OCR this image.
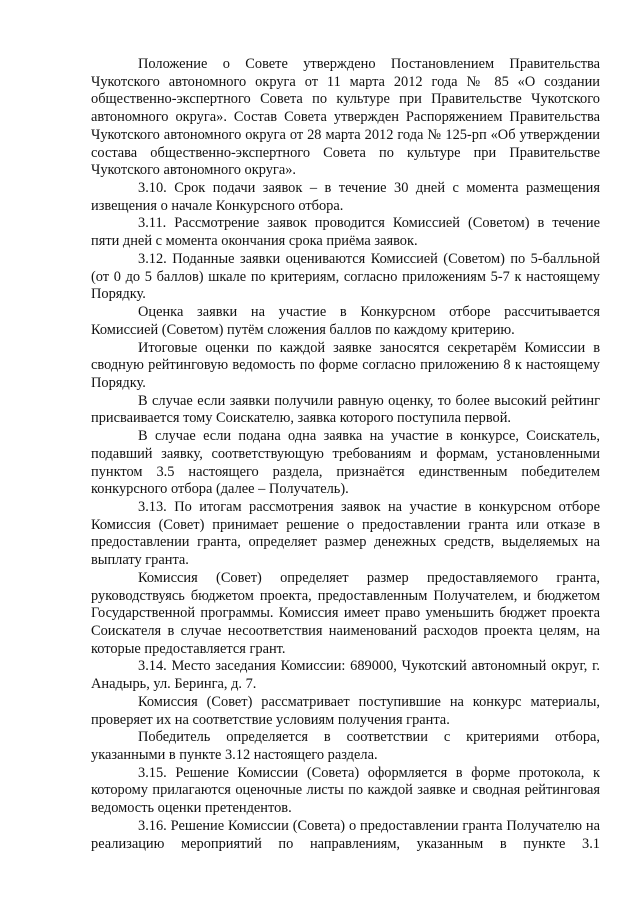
Положение о Совете утверждено Постановлением Правительства Чукотского автономного округа от 11 марта 2012 года № 85 «О создании общественно-экспертного Совета по культуре при Правительстве Чукотского автономного округа». Состав Совета утвержден Распоряжением Правительства Чукотского автономного округа от 28 марта 2012 года № 125-рп «Об утверждении состава общественно-экспертного Совета по культуре при Правительстве Чукотского автономного округа».

3.10. Срок подачи заявок – в течение 30 дней с момента размещения извещения о начале Конкурсного отбора.

3.11. Рассмотрение заявок проводится Комиссией (Советом) в течение пяти дней с момента окончания срока приёма заявок.

3.12. Поданные заявки оцениваются Комиссией (Советом) по 5-балльной (от 0 до 5 баллов) шкале по критериям, согласно приложениям 5-7 к настоящему Порядку.

Оценка заявки на участие в Конкурсном отборе рассчитывается Комиссией (Советом) путём сложения баллов по каждому критерию.

Итоговые оценки по каждой заявке заносятся секретарём Комиссии в сводную рейтинговую ведомость по форме согласно приложению 8 к настоящему Порядку.

В случае если заявки получили равную оценку, то более высокий рейтинг присваивается тому Соискателю, заявка которого поступила первой.

В случае если подана одна заявка на участие в конкурсе, Соискатель, подавший заявку, соответствующую требованиям и формам, установленными пунктом 3.5 настоящего раздела, признаётся единственным победителем конкурсного отбора (далее – Получатель).

3.13. По итогам рассмотрения заявок на участие в конкурсном отборе Комиссия (Совет) принимает решение о предоставлении гранта или отказе в предоставлении гранта, определяет размер денежных средств, выделяемых на выплату гранта.

Комиссия (Совет) определяет размер предоставляемого гранта, руководствуясь бюджетом проекта, предоставленным Получателем, и бюджетом Государственной программы. Комиссия имеет право уменьшить бюджет проекта Соискателя в случае несоответствия наименований расходов проекта целям, на которые предоставляется грант.

3.14. Место заседания Комиссии: 689000, Чукотский автономный округ, г. Анадырь, ул. Беринга, д. 7.

Комиссия (Совет) рассматривает поступившие на конкурс материалы, проверяет их на соответствие условиям получения гранта.

Победитель определяется в соответствии с критериями отбора, указанными в пункте 3.12 настоящего раздела.

3.15. Решение Комиссии (Совета) оформляется в форме протокола, к которому прилагаются оценочные листы по каждой заявке и сводная рейтинговая ведомость оценки претендентов.

3.16. Решение Комиссии (Совета) о предоставлении гранта Получателю на реализацию мероприятий по направлениям, указанным в пункте 3.1
